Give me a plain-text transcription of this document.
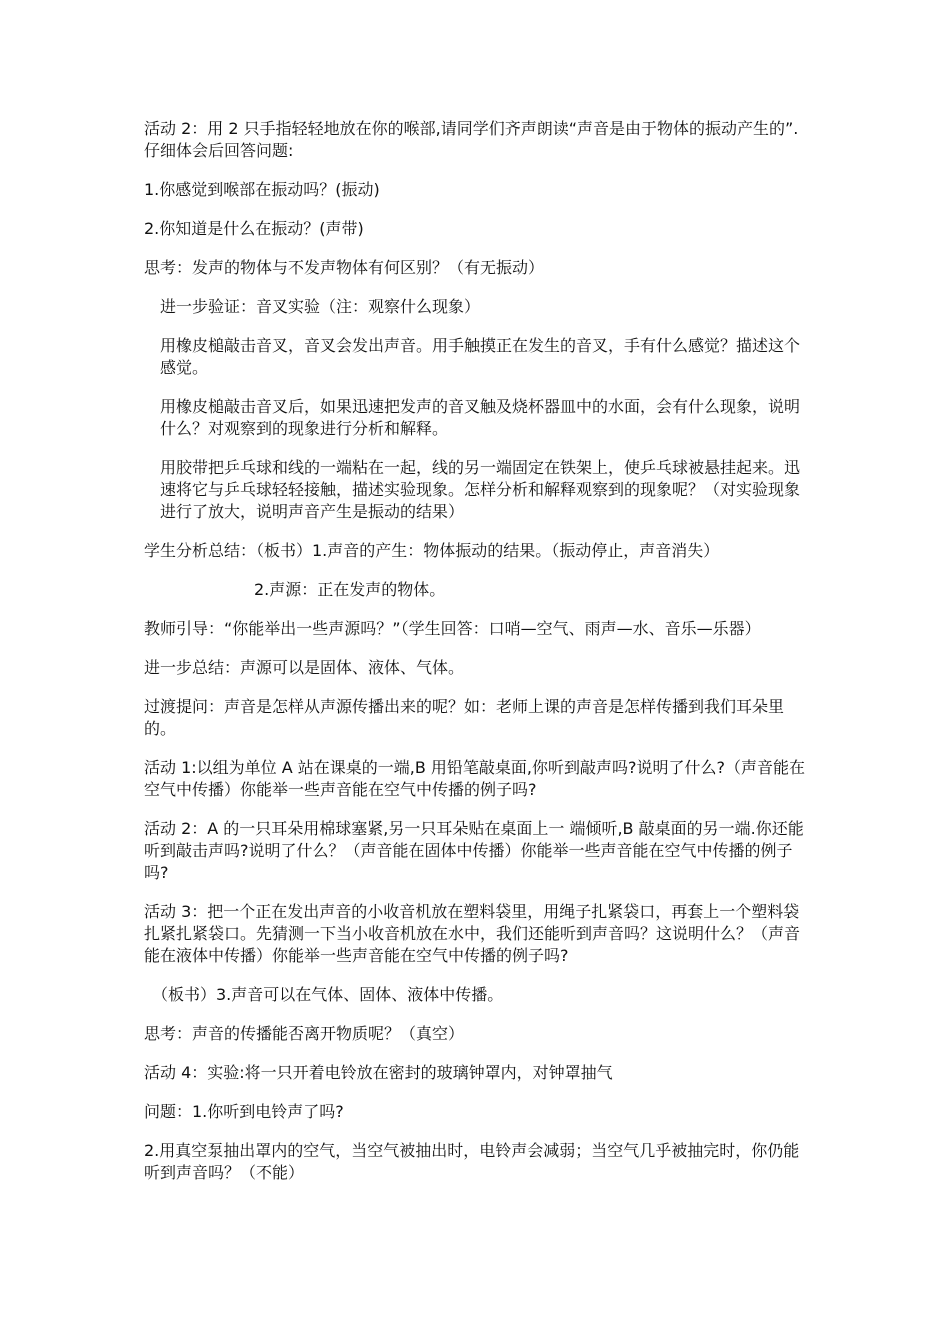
活动 2：用 2 只手指轻轻地放在你的喉部,请同学们齐声朗读“声音是由于物体的振动产生的”.仔细体会后回答问题:

1.你感觉到喉部在振动吗？(振动)

2.你知道是什么在振动？(声带)

思考：发声的物体与不发声物体有何区别？（有无振动）

进一步验证：音叉实验（注：观察什么现象）

用橡皮槌敲击音叉，音叉会发出声音。用手触摸正在发生的音叉，手有什么感觉？描述这个感觉。

用橡皮槌敲击音叉后，如果迅速把发声的音叉触及烧杯器皿中的水面，会有什么现象，说明什么？对观察到的现象进行分析和解释。

用胶带把乒乓球和线的一端粘在一起，线的另一端固定在铁架上，使乒乓球被悬挂起来。迅速将它与乒乓球轻轻接触，描述实验现象。怎样分析和解释观察到的现象呢？（对实验现象进行了放大，说明声音产生是振动的结果）

学生分析总结：（板书）1.声音的产生：物体振动的结果。（振动停止，声音消失）

2.声源：正在发声的物体。

教师引导：“你能举出一些声源吗？”（学生回答：口哨—空气、雨声—水、音乐—乐器）

进一步总结：声源可以是固体、液体、气体。

过渡提问：声音是怎样从声源传播出来的呢？如：老师上课的声音是怎样传播到我们耳朵里的。

活动 1:以组为单位 A 站在课桌的一端,B 用铅笔敲桌面,你听到敲声吗?说明了什么?（声音能在空气中传播）你能举一些声音能在空气中传播的例子吗?

活动 2：A 的一只耳朵用棉球塞紧,另一只耳朵贴在桌面上一 端倾听,B 敲桌面的另一端.你还能听到敲击声吗?说明了什么？（声音能在固体中传播）你能举一些声音能在空气中传播的例子吗?

活动 3：把一个正在发出声音的小收音机放在塑料袋里，用绳子扎紧袋口，再套上一个塑料袋扎紧扎紧袋口。先猜测一下当小收音机放在水中，我们还能听到声音吗？这说明什么？（声音能在液体中传播）你能举一些声音能在空气中传播的例子吗?

（板书）3.声音可以在气体、固体、液体中传播。

思考：声音的传播能否离开物质呢？（真空）

活动 4：实验:将一只开着电铃放在密封的玻璃钟罩内，对钟罩抽气

问题：1.你听到电铃声了吗?

2.用真空泵抽出罩内的空气，当空气被抽出时，电铃声会减弱；当空气几乎被抽完时，你仍能听到声音吗？（不能）
